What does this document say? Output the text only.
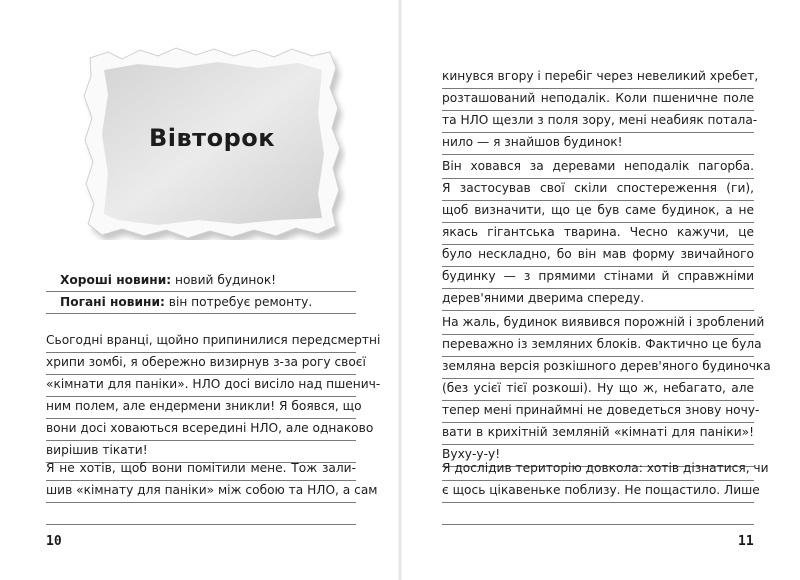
Вівторок
Хороші новини: новий будинок!
Погані новини: він потребує ремонту.
Сьогодні вранці, щойно припинилися передсмертні
хрипи зомбі, я обережно визирнув з-за рогу своєї
«кімнати для паніки». НЛО досі висіло над пшенич-
ним полем, але ендермени зникли! Я боявся, що
вони досі ховаються всередині НЛО, але однаково
вирішив тікати!
Я не хотів, щоб вони помітили мене. Тож зали-
шив «кімнату для паніки» між собою та НЛО, а сам
10
кинувся вгору і перебіг через невеликий хребет,
розташований неподалік. Коли пшеничне поле
та НЛО щезли з поля зору, мені неабияк потала-
нило — я знайшов будинок!
Він ховався за деревами неподалік пагорба.
Я застосував свої скіли спостереження (ги),
щоб визначити, що це був саме будинок, а не
якась гігантська тварина. Чесно кажучи, це
було нескладно, бо він мав форму звичайного
будинку — з прямими стінами й справжніми
дерев'яними дверима спереду.
На жаль, будинок виявився порожній і зроблений
переважно із земляних блоків. Фактично це була
земляна версія розкішного дерев'яного будиночка
(без усієї тієї розкоші). Ну що ж, небагато, але
тепер мені принаймні не доведеться знову ночу-
вати в крихітній земляній «кімнаті для паніки»!
Вуху-у-у!
Я дослідив територію довкола: хотів дізнатися, чи
є щось цікавеньке поблизу. Не пощастило. Лише
11
